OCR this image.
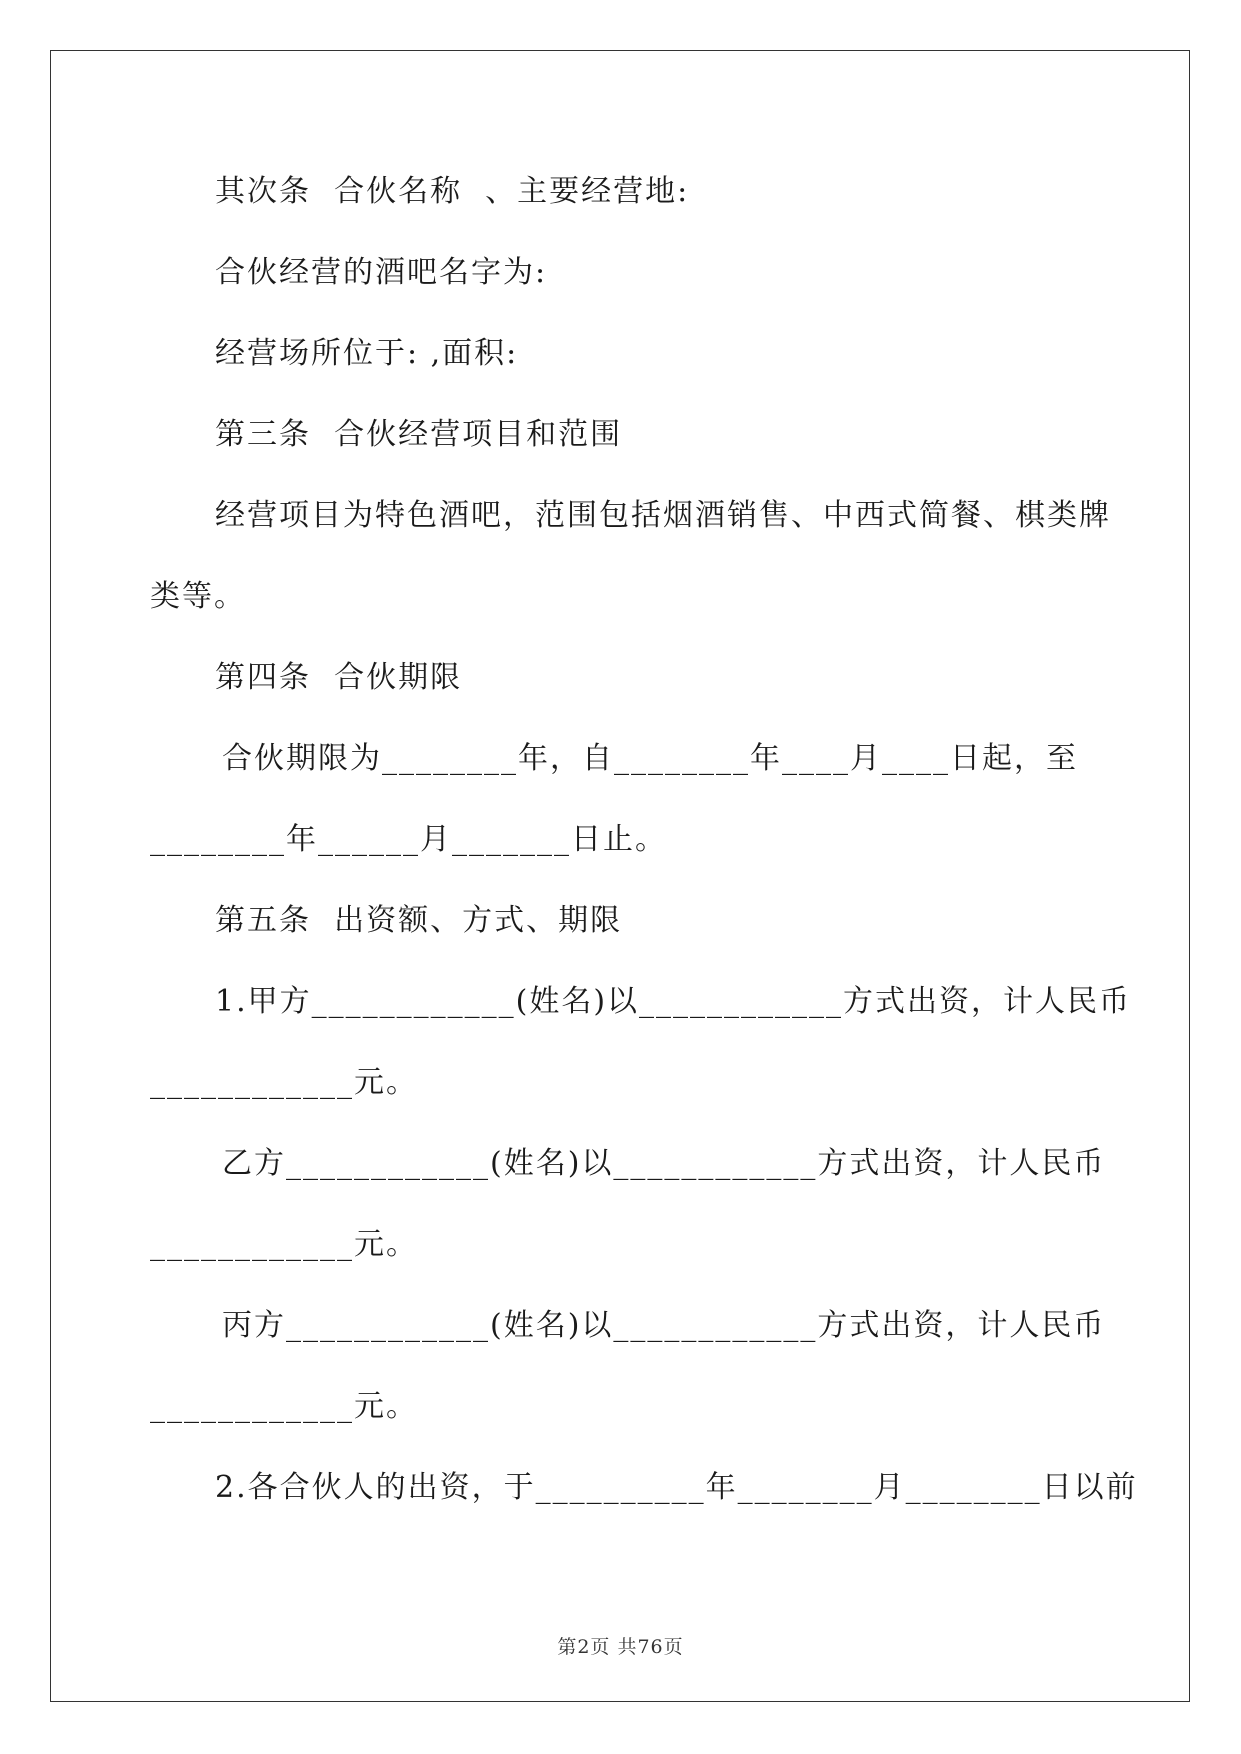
其次条  合伙名称  、主要经营地:
合伙经营的酒吧名字为:
经营场所位于: ,面积:
第三条  合伙经营项目和范围
经营项目为特色酒吧，范围包括烟酒销售、中西式简餐、棋类牌
类等。
第四条  合伙期限
合伙期限为________年，自________年____月____日起，至
________年______月_______日止。
第五条  出资额、方式、期限
1.甲方____________(姓名)以____________方式出资，计人民币
____________元。
乙方____________(姓名)以____________方式出资，计人民币
____________元。
丙方____________(姓名)以____________方式出资，计人民币
____________元。
2.各合伙人的出资，于__________年________月________日以前
第2页 共76页
